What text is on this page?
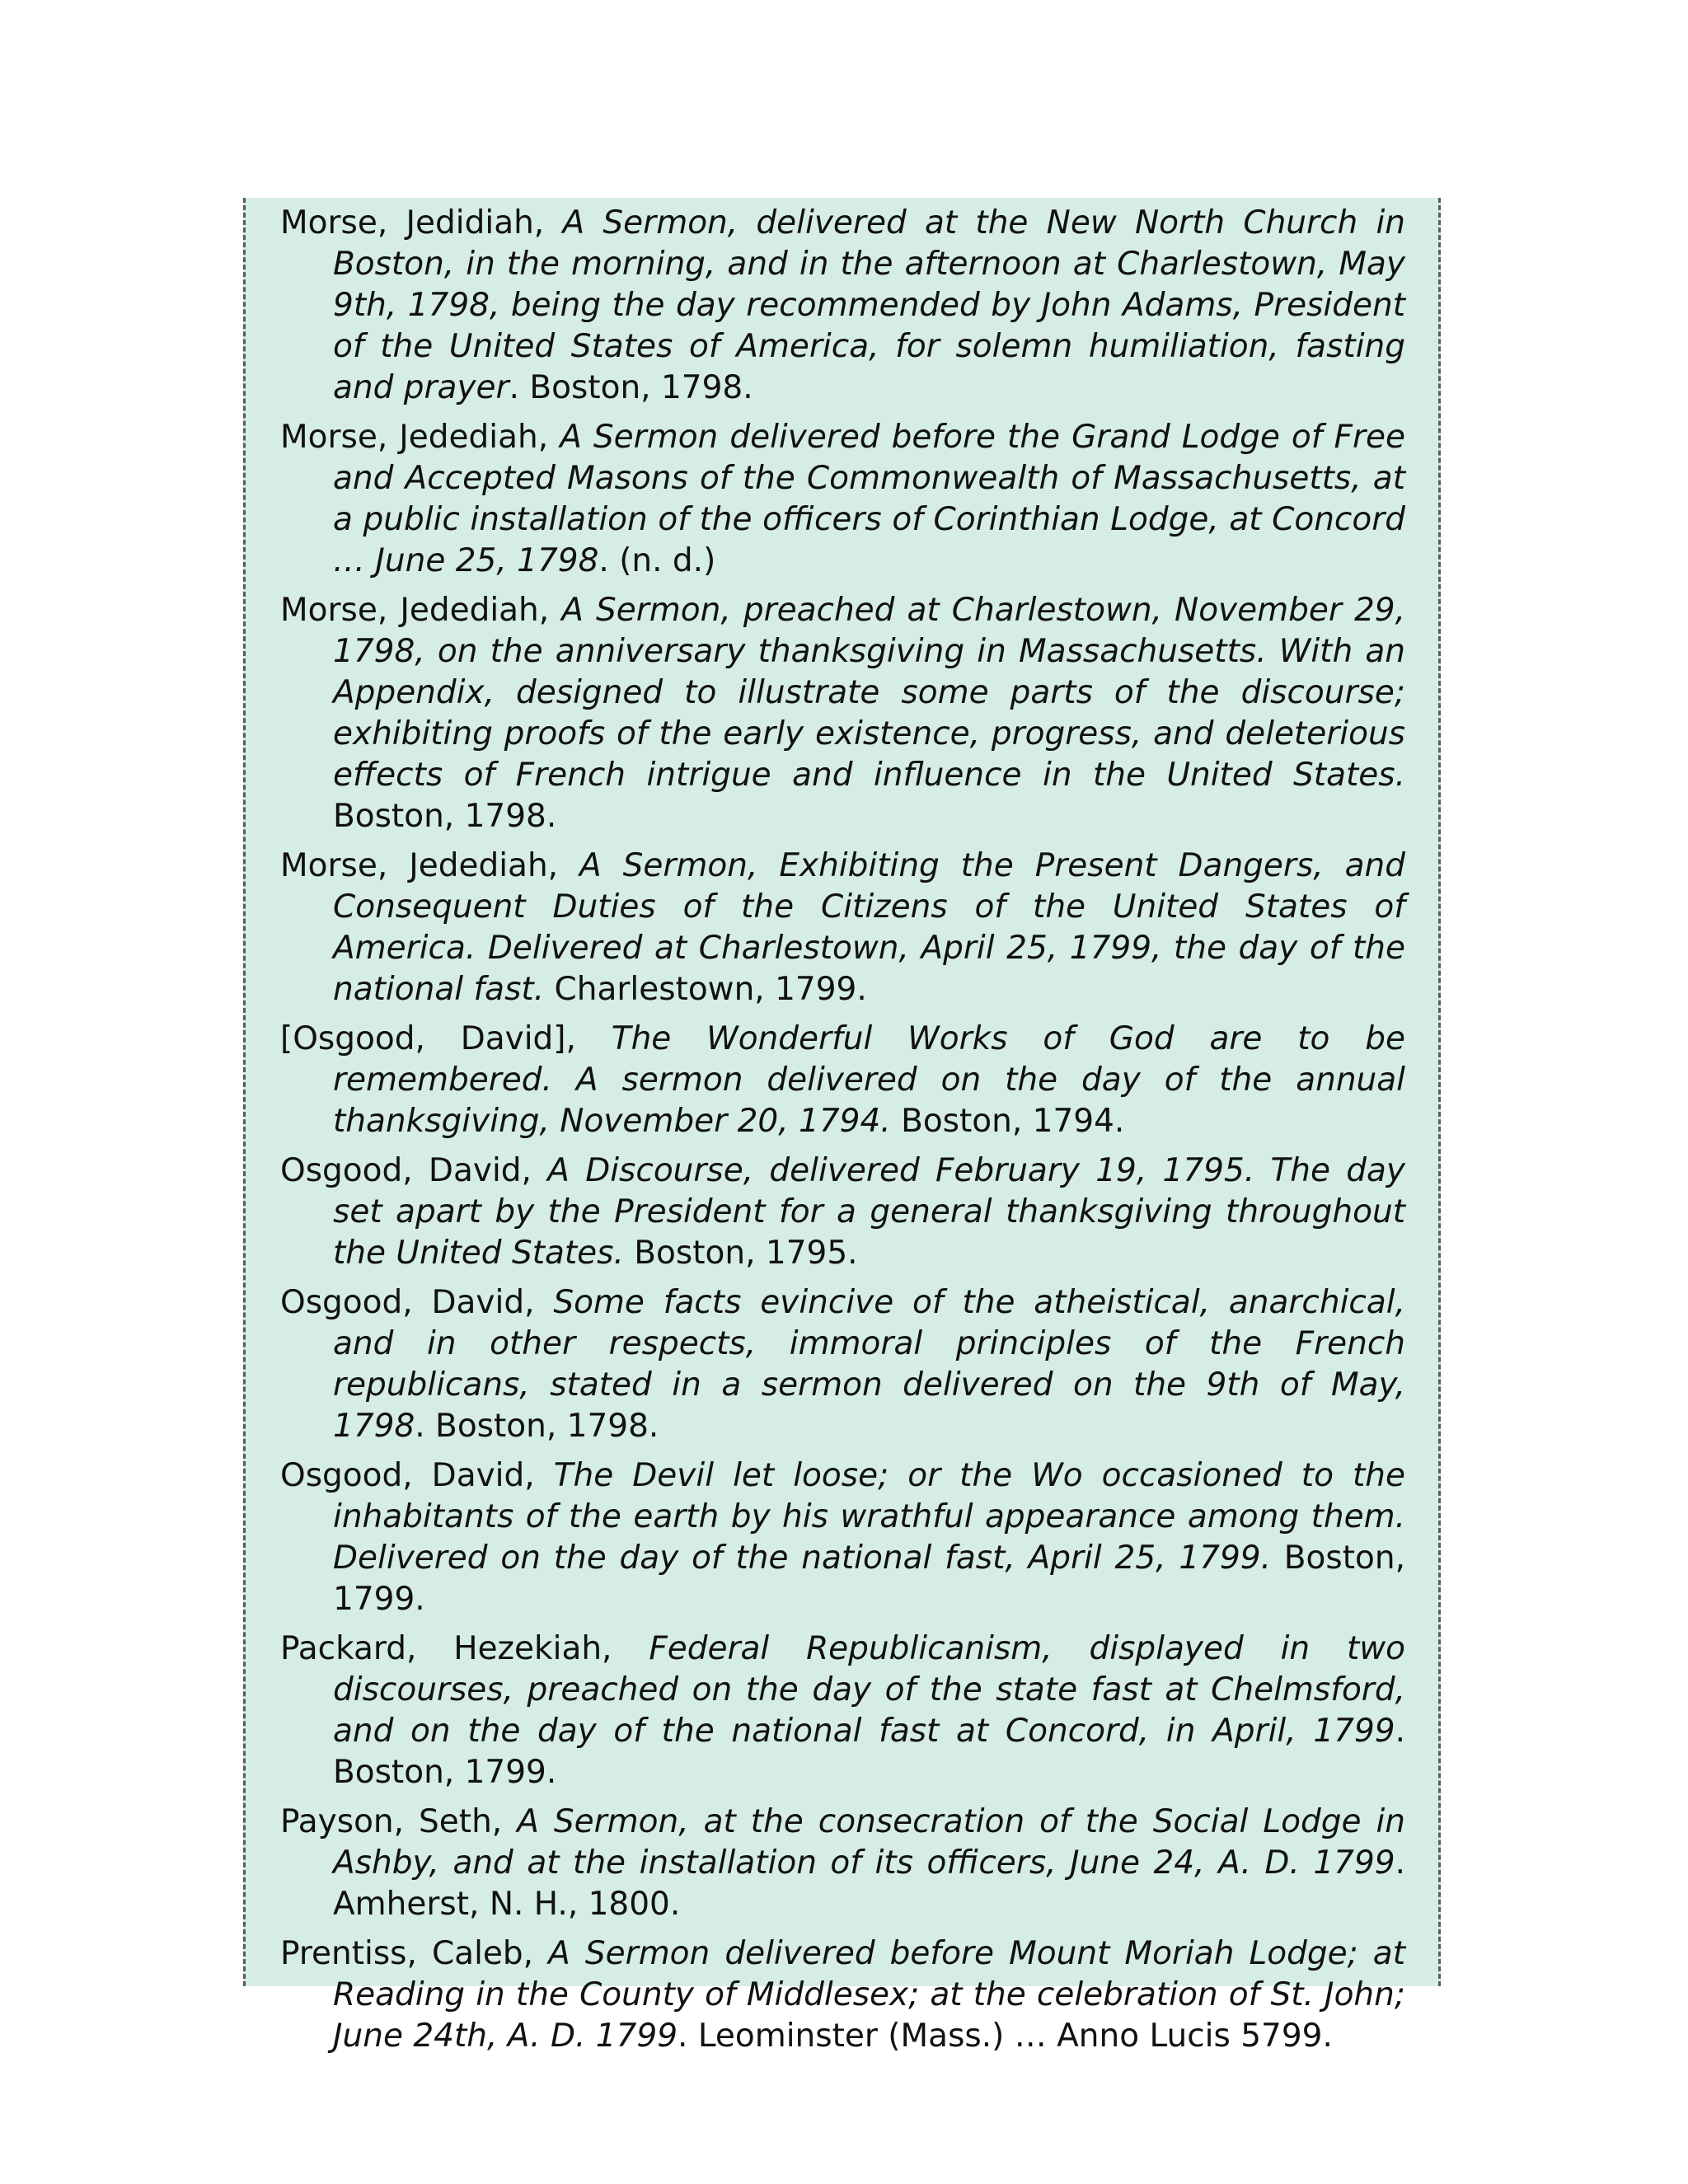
Morse, Jedidiah, A Sermon, delivered at the New North Church in Boston, in the morning, and in the afternoon at Charlestown, May 9th, 1798, being the day recommended by John Adams, President of the United States of America, for solemn humiliation, fasting and prayer. Boston, 1798.

Morse, Jedediah, A Sermon delivered before the Grand Lodge of Free and Accepted Masons of the Commonwealth of Massachusetts, at a public installation of the officers of Corinthian Lodge, at Concord … June 25, 1798. (n. d.)

Morse, Jedediah, A Sermon, preached at Charlestown, November 29, 1798, on the anniversary thanksgiving in Massachusetts. With an Appendix, designed to illustrate some parts of the discourse; exhibiting proofs of the early existence, progress, and deleterious effects of French intrigue and influence in the United States. Boston, 1798.

Morse, Jedediah, A Sermon, Exhibiting the Present Dangers, and Consequent Duties of the Citizens of the United States of America. Delivered at Charlestown, April 25, 1799, the day of the national fast. Charlestown, 1799.

[Osgood, David], The Wonderful Works of God are to be remembered. A sermon delivered on the day of the annual thanksgiving, November 20, 1794. Boston, 1794.

Osgood, David, A Discourse, delivered February 19, 1795. The day set apart by the President for a general thanksgiving throughout the United States. Boston, 1795.

Osgood, David, Some facts evincive of the atheistical, anarchical, and in other respects, immoral principles of the French republicans, stated in a sermon delivered on the 9th of May, 1798. Boston, 1798.

Osgood, David, The Devil let loose; or the Wo occasioned to the inhabitants of the earth by his wrathful appearance among them. Delivered on the day of the national fast, April 25, 1799. Boston, 1799.

Packard, Hezekiah, Federal Republicanism, displayed in two discourses, preached on the day of the state fast at Chelmsford, and on the day of the national fast at Concord, in April, 1799. Boston, 1799.

Payson, Seth, A Sermon, at the consecration of the Social Lodge in Ashby, and at the installation of its officers, June 24, A. D. 1799. Amherst, N. H., 1800.

Prentiss, Caleb, A Sermon delivered before Mount Moriah Lodge; at Reading in the County of Middlesex; at the celebration of St. John; June 24th, A. D. 1799. Leominster (Mass.) … Anno Lucis 5799.
